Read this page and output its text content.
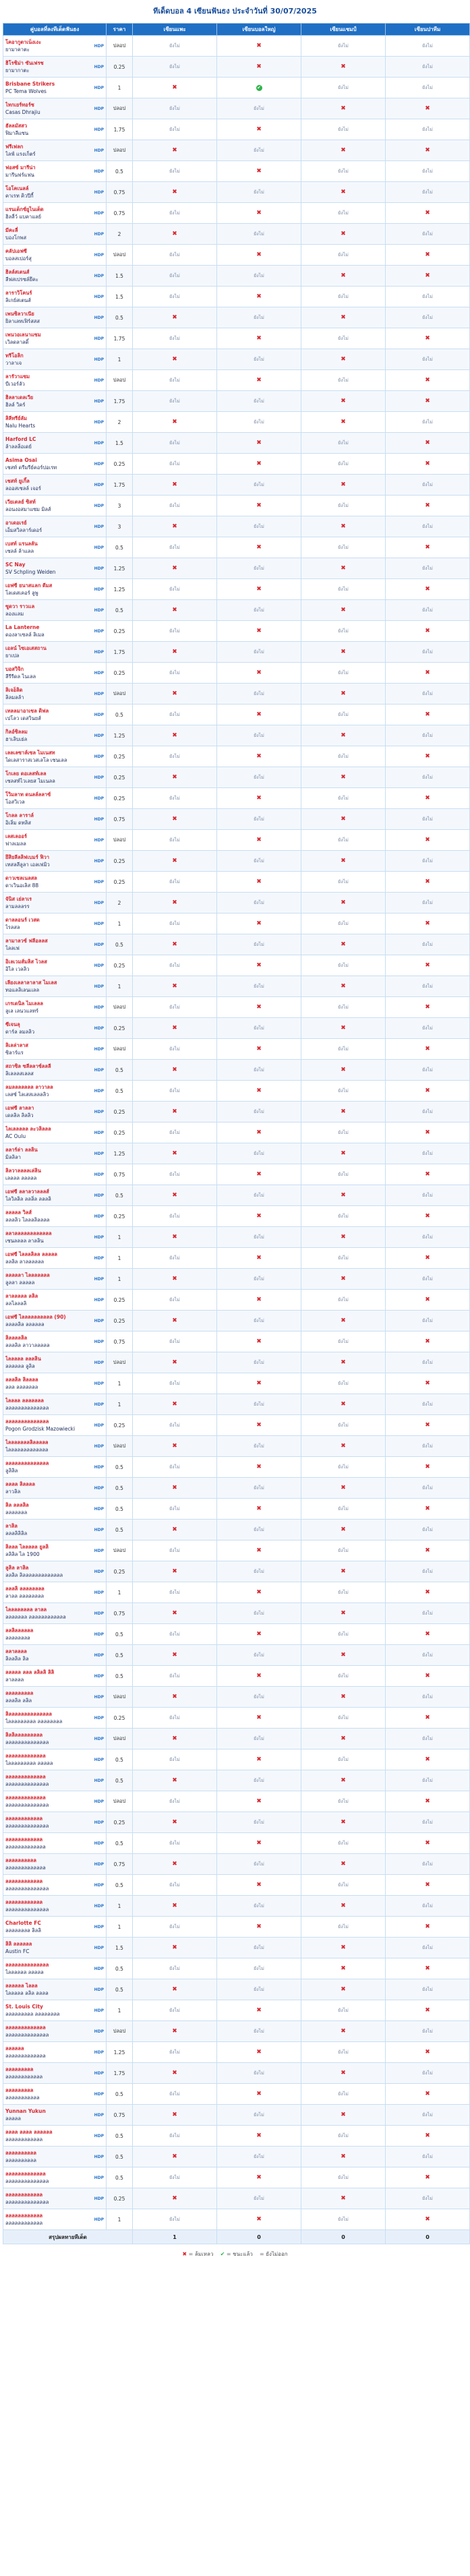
ทีเด็ดบอล 4 เซียนฟันธง ประจำวันที่ 30/07/2025
คู่บอลที่ลงทีเด็ดฟันธง	ราคา	เซียนแพะ	เซียนบอลใหญ่	เซียนแชมป์	เซียนปาทีม

โคอากูตาเน็งเงะ
ยามาคาตะ
HDP	ปลอป	ยังไม่	✖	ยังไม่	ยังไม่

ฮิโรชิม่า ซันเฟรช
ยามากาตะ
HDP	0.25	ยังไม่	✖	✖	ยังไม่

Brisbane Strikers
PC Tema Wolves
HDP	1	✖	✔	ยังไม่	ยังไม่

ไทกเยร์ทอร์ช
Casas Dhrajiu
HDP	ปลอป	ยังไม่	ยังไม่	✖	✖

ฮัลลมัสสว
ฟิมาลีแซน
HDP	1.75	ยังไม่	✖	ยังไม่	ยังไม่

ฟรีเฟลก
ไลฟ์ แรงเก็ตร์
HDP	ปลอป	✖	ยังไม่	✖	✖

ฟอสซ์ มารีน่า
มารีนฟร์แฟน
HDP	0.5	ยังไม่	✖	ยังไม่	ยังไม่

โอโคเนลล์
คาเรท คิวปีกี้
HDP	0.75	✖	ยังไม่	✖	ยังไม่

แรนเด็กซ์ยูไนเต็ด
ฮิลลี่ว์ แบคาแลย์
HDP	0.75	ยังไม่	✖	ยังไม่	✖

มีคะลี่
บองโกพส
HDP	2	✖	ยังไม่	✖	ยังไม่

คลัปเอฟซี
บอลสเปอร์สุ
HDP	ปลอป	ยังไม่	✖	ยังไม่	✖

ฮิลล์สเตนส์
ลีฟสเปรซล์ยึคะ
HDP	1.5	ยังไม่	ยังไม่	✖	✖

ลาราวิโคนร์
ลิเกย์สเตนส์
HDP	1.5	ยังไม่	✖	ยังไม่	ยังไม่

เพนซิลวาเนีย
ยิลาเลทเฟิร์สสส
HDP	0.5	✖	ยังไม่	✖	ยังไม่

เพนวอเลนาแซม
เวิลดลาลดิ์
HDP	1.75	ยังไม่	✖	ยังไม่	✖

ทรีโอลิก
วาลาเจ
HDP	1	✖	ยังไม่	✖	ยังไม่

ลารัวาแซม
บีเวอร์ลัว
HDP	ปลอป	ยังไม่	✖	ยังไม่	✖

ฮิลลาเดลเวีย
ฮิลล์ วิคร์
HDP	1.75	ยังไม่	ยังไม่	✖	✖

ลิลีทรีย์ลัม
Nalu Hearts
HDP	2	✖	ยังไม่	✖	ยังไม่

Harford LC
ล้าลลลิ่อเดย์
HDP	1.5	ยังไม่	✖	ยังไม่	✖

Asima Osai
เชสท์ ดรีมรีย์คอร์ปอเรท
HDP	0.25	ยังไม่	✖	ยังไม่	✖

เชสท์ ยูเกิ้ล
ลออสเซลล์ เจอร์
HDP	1.75	✖	ยังไม่	✖	ยังไม่

เวียเตลย์ ซิสท์
ลอนงอสมาแซม มิลส์
HDP	3	ยังไม่	✖	ยังไม่	✖

อาเดอเรย์
เอ็มสวิลลาร์เดอร์
HDP	3	✖	ยังไม่	✖	ยังไม่

เบสท์ แรนลลัน
เซลล์ ล้าแลล
HDP	0.5	ยังไม่	✖	ยังไม่	✖

SC Nay
SV Schpling Weiden
HDP	1.25	✖	ยังไม่	✖	ยังไม่

เอฟซี ยนาสแลก ดีมส
โลเดสเคอร์ ลูพู
HDP	1.25	ยังไม่	✖	ยังไม่	✖

ซูดวา ราวเเล
ลองแลม
HDP	0.5	✖	ยังไม่	✖	ยังไม่

La Lanterne
ดองลาเซลล์ ลิเมล
HDP	0.25	ยังไม่	✖	ยังไม่	✖

เอลน์ ไซเอเสสถาน
ยาเปล
HDP	1.75	✖	ยังไม่	✖	ยังไม่

บอสวิจิก
ลีรีรีดล ไนเลล
HDP	0.25	ยังไม่	✖	ยังไม่	✖

ลิเจอ็ลิด
ลิลมลล้า
HDP	ปลอป	✖	ยังไม่	✖	ยังไม่

เทลลมาอาเซล ดิฟล
เปโลว เดสวินยส์
HDP	0.5	ยังไม่	✖	ยังไม่	✖

กิลอ์ซิลลม
ฮาเลิบเย่ล
HDP	1.25	✖	ยังไม่	✖	ยังไม่

เลลเลซาล์เซล ไมเนสท
ไดเลสาราสเวสเลโล เซนเลล
HDP	0.25	ยังไม่	✖	ยังไม่	✖

โกเลย ดอเลสท์เลล
เซลสท์ไวเลยส ไมเนลล
HDP	0.25	✖	ยังไม่	✖	ยังไม่

โวิมลาท ดนลล์ลลาซ์
โอสวิเวล
HDP	0.25	ยังไม่	✖	ยังไม่	✖

โกลล ลาราล์
อิเลิ่ม ดทลิส
HDP	0.75	✖	ยังไม่	✖	ยังไม่

เลสเลออร์
ฟาลเมลล
HDP	ปลอป	ยังไม่	✖	ยังไม่	✖

ยึสิยลีลลิฟเบมร์ ฟิวา
เทสลลีลูลา เอลเฟมิว
HDP	0.25	✖	ยังไม่	✖	ยังไม่

ดาวเซลเนลสล
ดาเวินอเลิส 88
HDP	0.25	ยังไม่	✖	ยังไม่	✖

จันิส เย่ลาเร
ลามลลลรร
HDP	2	✖	ยังไม่	✖	ยังไม่

ดาลลอนร์ เวสด
ไรลสล
HDP	1	ยังไม่	✖	ยังไม่	✖

ลามาลวซ์ ฟลีอลลส
ไลลเฟ
HDP	0.5	✖	ยังไม่	✖	ยังไม่

อิเลเวมส์มลิส ไวลส
อิไล เวลลิว
HDP	0.25	ยังไม่	✖	ยังไม่	✖

เลียงเลลาลาลาส ไมเลส
ทอแลลิเลนเเลล
HDP	1	✖	ยังไม่	✖	ยังไม่

เกรเดนิล ไมเลลล
ลูเล เลนวแลทร์
HDP	ปลอป	ยังไม่	✖	ยังไม่	✖

ซีเจนลุ
ดาร์ล ลมลลิว
HDP	0.25	✖	ยังไม่	✖	ยังไม่

ลิเลล่าลาส
ซิลาร์แร
HDP	ปลอป	ยังไม่	✖	ยังไม่	✖

สถาซิล ซลีลลาซ์ลลลี
ลิเลลลสเลลส
HDP	0.5	✖	ยังไม่	✖	ยังไม่

ลมลลลลลลล ลาวาลล
เลสซ์ ไลเสสเลลลลิว
HDP	0.5	ยังไม่	✖	ยังไม่	✖

เอฟซี ลาลลา
เดลลิล ลิลลิว
HDP	0.25	✖	ยังไม่	✖	ยังไม่

ไลเลลลลล ละวลิลลล
AC Oulu
HDP	0.25	ยังไม่	✖	ยังไม่	✖

ลลาร์ล่า ลลลิน
มิลลิลา
HDP	1.25	✖	ยังไม่	✖	ยังไม่

ลิลวาลลลลเล่ลิน
เลลลล ลลลลล
HDP	0.75	ยังไม่	✖	ยังไม่	✖

เอฟซี ลลาลวาลลลส์
ไลวิลลิล ลลลิ่ล ลลลลิ
HDP	0.5	✖	ยังไม่	✖	ยังไม่

ลลลลล วิลส์
ลลลลิว ไลลลลิลลลล
HDP	0.25	ยังไม่	✖	ยังไม่	✖

ลลาลลลลลลลลลลลล
เซนลลลล ลาลลิน
HDP	1	✖	ยังไม่	✖	ยังไม่

เอฟซี ไลลลลิลล ลลลลล
ลลลิล ลาลลลลลล
HDP	1	ยังไม่	✖	ยังไม่	✖

ลลลลลา ไลลลลลลล
ลูลลา ลลลลล
HDP	1	✖	ยังไม่	✖	ยังไม่

ลาลลลลล ลลิล
ลลไลลลลิ
HDP	0.25	ยังไม่	✖	ยังไม่	✖

เอฟซี ไลลลลลลลลลล (90)
ลลลลลิล ลลลลลล
HDP	0.25	✖	ยังไม่	✖	ยังไม่

ลิลลลลลิล
ลลลลิล ลาวาลลลลล
HDP	0.75	ยังไม่	✖	ยังไม่	✖

ไลลลลล ลลลลิน
ลลลลลล ลูลิล
HDP	ปลอป	✖	ยังไม่	✖	ยังไม่

ลลลลิล ลิลลลล
ลลล ลลลลลลล
HDP	1	ยังไม่	✖	ยังไม่	✖

ไลลลล ลลลลลลล
ลลลลลลลลลลลลลล
HDP	1	✖	ยังไม่	✖	ยังไม่

ลลลลลลลลลลลลลล
Pogon Grodzisk Mazowiecki
HDP	0.25	ยังไม่	✖	ยังไม่	✖

ไลลลลลลลลิลลลลล
ไลลลลลลลลลลลลล
HDP	ปลอป	✖	ยังไม่	✖	ยังไม่

ลลลลลลลลลลลลลล
ลูลิลิล
HDP	0.5	ยังไม่	✖	ยังไม่	✖

ลลลล ลิลลลล
ลาวลิล
HDP	0.5	✖	ยังไม่	✖	ยังไม่

ลิล ลลลลิล
ลลลลลลล
HDP	0.5	ยังไม่	✖	ยังไม่	✖

ลาลิล
ลลลลิลิลิล
HDP	0.5	✖	ยังไม่	✖	ยังไม่

ลิลลล ไลลลลล ยูลลิ
ลลิลิล ไล 1900
HDP	ปลอป	ยังไม่	✖	ยังไม่	✖

ลูลิล ลาลิล
ลลลิล ลิลลลลลลลลลลลลล
HDP	0.25	✖	ยังไม่	✖	ยังไม่

ลลลลิ ลลลลลลลล
ลาลล ลลลลลลลล
HDP	1	ยังไม่	✖	ยังไม่	✖

ไลลลลลลลล ลาลล
ลลลลลลล ลลลลลลลลลลลล
HDP	0.75	✖	ยังไม่	✖	ยังไม่

ลลลิลลลลลล
ลลลลลลลล
HDP	0.5	ยังไม่	✖	ยังไม่	✖

ลลาลลลล
ลิลลลิล ลิล
HDP	0.5	✖	ยังไม่	✖	ยังไม่

ลลลลล ลลล ลลิลลิ ลิลิ
ลาลลลล
HDP	0.5	ยังไม่	✖	ยังไม่	✖

ลลลลลลลลล
ลลลลิล ลลิล
HDP	ปลอป	✖	ยังไม่	✖	ยังไม่

ลิลลลลลลลลลลลลลล
ไลลลลลลลลล ลลลลลลลล
HDP	0.25	ยังไม่	✖	ยังไม่	✖

ลิลลิลลลลลลลลล
ลลลลลลลลลลลลลล
HDP	ปลอป	✖	ยังไม่	✖	ยังไม่

ลลลลลลลลลลลลล
ไลลลลลลลลล ลลลลล
HDP	0.5	ยังไม่	✖	ยังไม่	✖

ลลลลลลลลลลลลล
ลลลลลลลลลลลลลล
HDP	0.5	✖	ยังไม่	✖	ยังไม่

ลลลลลลลลลลลลล
ลลลลลลลลลลลลลล
HDP	ปลอป	ยังไม่	✖	ยังไม่	✖

ลลลลลลลลลลลล
ลลลลลลลลลลลลลล
HDP	0.25	✖	ยังไม่	✖	ยังไม่

ลลลลลลลลลลลล
ลลลลลลลลลลลลล
HDP	0.5	ยังไม่	✖	ยังไม่	✖

ลลลลลลลลลล
ลลลลลลลลลลลลล
HDP	0.75	✖	ยังไม่	✖	ยังไม่

ลลลลลลลลลลลล
ลลลลลลลลลลลลลล
HDP	0.5	ยังไม่	✖	ยังไม่	✖

ลลลลลลลลลลลล
ลลลลลลลลลลลลลล
HDP	1	✖	ยังไม่	✖	ยังไม่

Charlotte FC
ลลลลลลลล ลิลลิ
HDP	1	ยังไม่	✖	ยังไม่	✖

ลิลิ ลลลลลล
Austin FC
HDP	1.5	✖	ยังไม่	✖	ยังไม่

ลลลลลลลลลลลลลล
ไลลลลลล ลลลลล
HDP	0.5	ยังไม่	ยังไม่	✖	✖

ลลลลลล ไลลล
ไลลลลล ลลิล ลลลล
HDP	0.5	✖	ยังไม่	✖	ยังไม่

St. Louis City
ลลลลลลลลล ลลลลลลลล
HDP	1	ยังไม่	✖	ยังไม่	✖

ลลลลลลลลลลลลล
ลลลลลลลลลลลลลล
HDP	ปลอป	✖	ยังไม่	✖	ยังไม่

ลลลลลล
ลลลลลลลลลลลลล
HDP	1.25	ยังไม่	✖	ยังไม่	✖

ลลลลลลลลล
ลลลลลลลลลลลล
HDP	1.75	✖	ยังไม่	✖	ยังไม่

ลลลลลลลลล
ลลลลลลลลลลล
HDP	0.5	ยังไม่	✖	ยังไม่	✖

Yunnan Yukun
ลลลลล
HDP	0.75	✖	ยังไม่	✖	ยังไม่

ลลลล ลลลล ลลลลลล
ลลลลลลลลลลลล
HDP	0.5	ยังไม่	✖	ยังไม่	✖

ลลลลลลลลลล
ลลลลลลลลลล
HDP	0.5	✖	ยังไม่	✖	ยังไม่

ลลลลลลลลลลลลล
ลลลลลลลลลลลลลล
HDP	0.5	ยังไม่	✖	ยังไม่	✖

ลลลลลลลลลลลล
ลลลลลลลลลลลลลล
HDP	0.25	✖	ยังไม่	✖	ยังไม่

ลลลลลลลลลลลล
ลลลลลลลลลลลล
HDP	1	ยังไม่	✖	ยังไม่	✖
สรุปผลทายทีเด็ด		1	0	0	0
✖ = ล้มเหลว ✔ = ชนะแล้ว = ยังไม่ออก
